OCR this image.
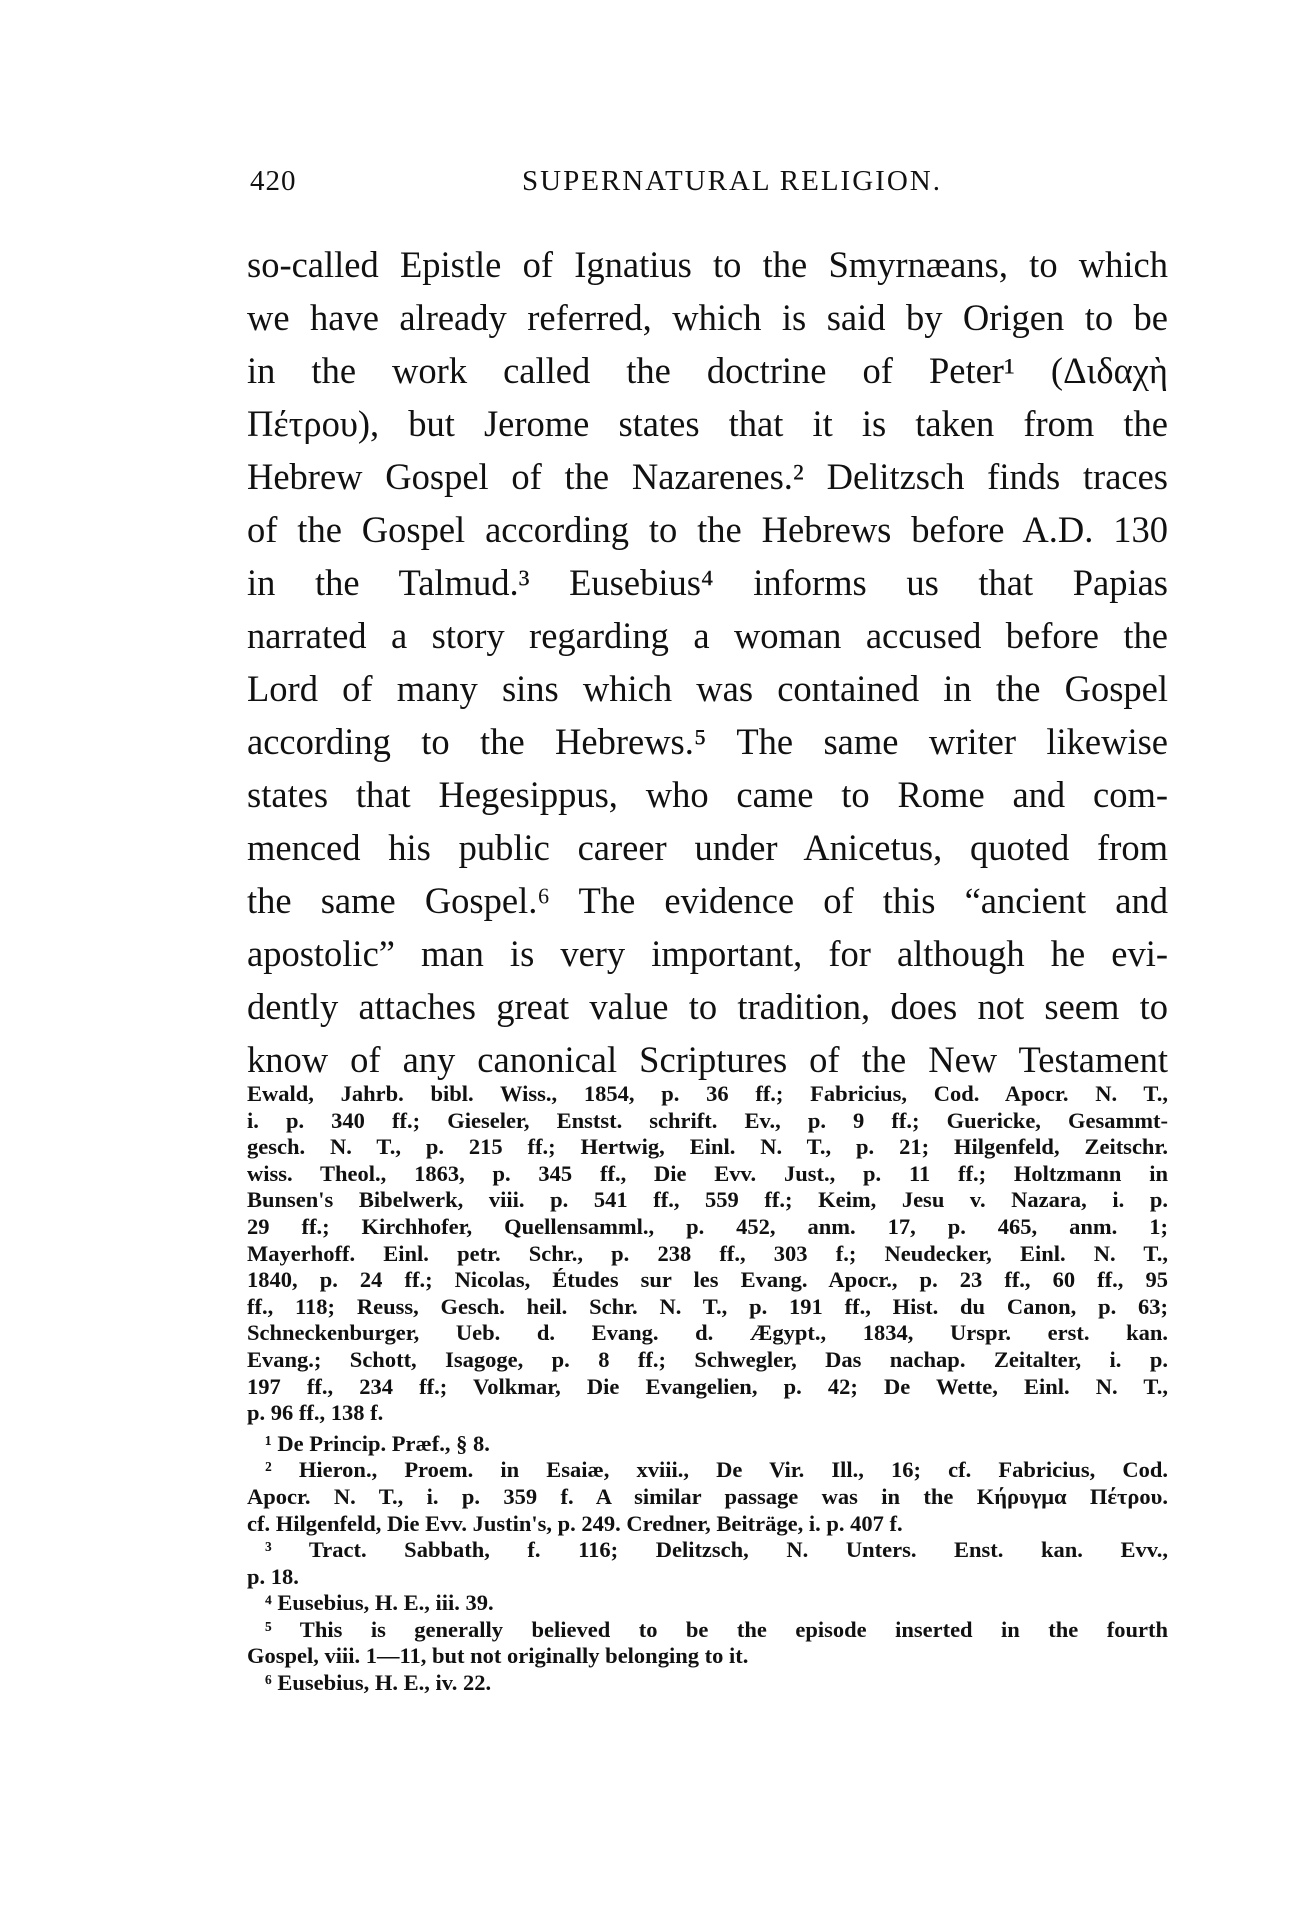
420	SUPERNATURAL RELIGION.
so-called Epistle of Ignatius to the Smyrnæans, to which
we have already referred, which is said by Origen to be
in the work called the doctrine of Peter¹ (Διδαχὴ
Πέτρου), but Jerome states that it is taken from the
Hebrew Gospel of the Nazarenes.² Delitzsch finds traces
of the Gospel according to the Hebrews before A.D. 130
in the Talmud.³ Eusebius⁴ informs us that Papias
narrated a story regarding a woman accused before the
Lord of many sins which was contained in the Gospel
according to the Hebrews.⁵ The same writer likewise
states that Hegesippus, who came to Rome and com-
menced his public career under Anicetus, quoted from
the same Gospel.⁶ The evidence of this “ancient and
apostolic” man is very important, for although he evi-
dently attaches great value to tradition, does not seem to
know of any canonical Scriptures of the New Testament
Ewald, Jahrb. bibl. Wiss., 1854, p. 36 ff.; Fabricius, Cod. Apocr. N. T.,
i. p. 340 ff.; Gieseler, Enstst. schrift. Ev., p. 9 ff.; Guericke, Gesammt-
gesch. N. T., p. 215 ff.; Hertwig, Einl. N. T., p. 21; Hilgenfeld, Zeitschr.
wiss. Theol., 1863, p. 345 ff., Die Evv. Just., p. 11 ff.; Holtzmann in
Bunsen's Bibelwerk, viii. p. 541 ff., 559 ff.; Keim, Jesu v. Nazara, i. p.
29 ff.; Kirchhofer, Quellensamml., p. 452, anm. 17, p. 465, anm. 1;
Mayerhoff. Einl. petr. Schr., p. 238 ff., 303 f.; Neudecker, Einl. N. T.,
1840, p. 24 ff.; Nicolas, Études sur les Evang. Apocr., p. 23 ff., 60 ff., 95
ff., 118; Reuss, Gesch. heil. Schr. N. T., p. 191 ff., Hist. du Canon, p. 63;
Schneckenburger, Ueb. d. Evang. d. Ægypt., 1834, Urspr. erst. kan.
Evang.; Schott, Isagoge, p. 8 ff.; Schwegler, Das nachap. Zeitalter, i. p.
197 ff., 234 ff.; Volkmar, Die Evangelien, p. 42; De Wette, Einl. N. T.,
p. 96 ff., 138 f.
¹ De Princip. Præf., § 8.
² Hieron., Proem. in Esaiæ, xviii., De Vir. Ill., 16; cf. Fabricius, Cod.
Apocr. N. T., i. p. 359 f. A similar passage was in the Κήρυγμα Πέτρου.
cf. Hilgenfeld, Die Evv. Justin's, p. 249. Credner, Beiträge, i. p. 407 f.
³ Tract. Sabbath, f. 116; Delitzsch, N. Unters. Enst. kan. Evv.,
p. 18.
⁴ Eusebius, H. E., iii. 39.
⁵ This is generally believed to be the episode inserted in the fourth
Gospel, viii. 1—11, but not originally belonging to it.
⁶ Eusebius, H. E., iv. 22.
